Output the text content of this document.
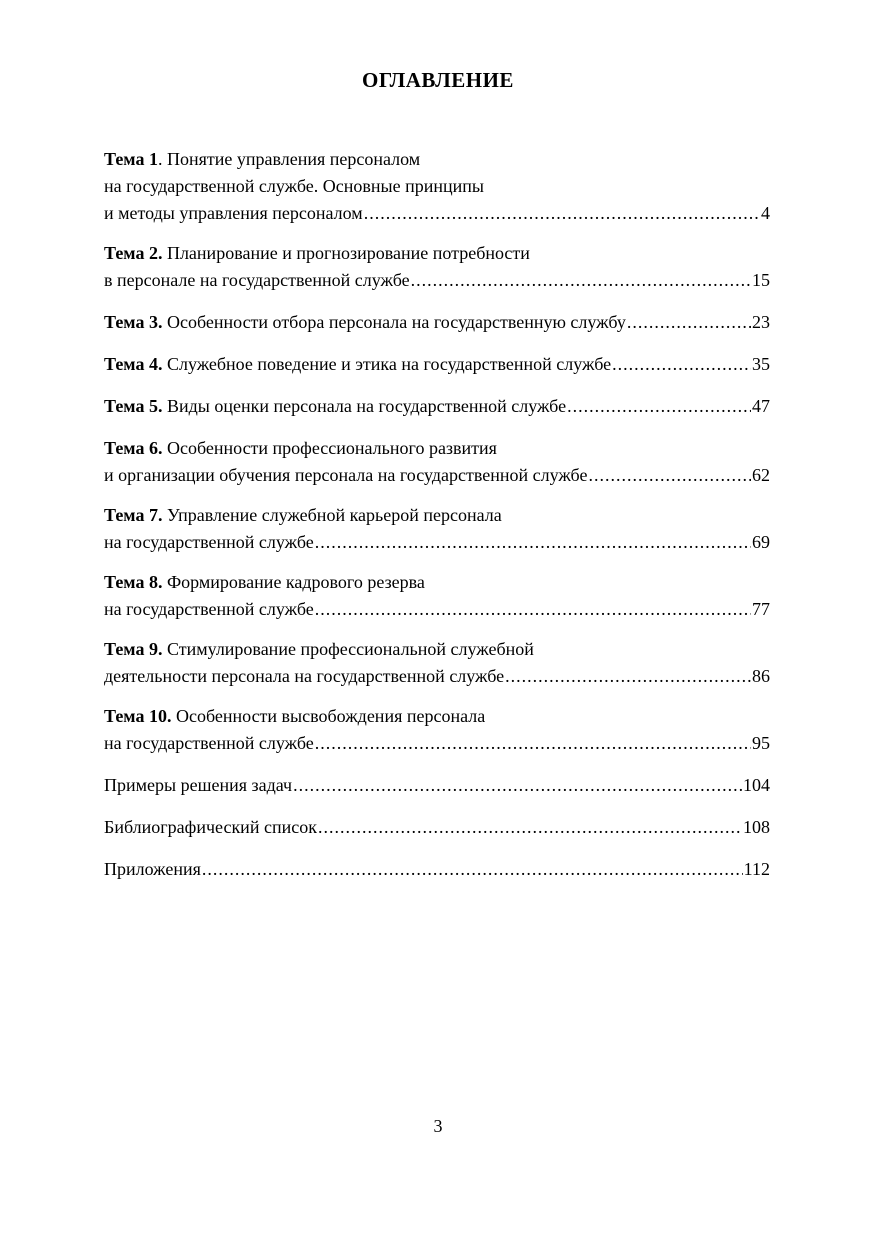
ОГЛАВЛЕНИЕ
Тема 1. Понятие управления персоналом
на государственной службе. Основные принципы
и методы управления персоналом .....	4
Тема 2. Планирование и прогнозирование потребности
в персонале на государственной службе .....	15
Тема 3. Особенности отбора персонала на государственную службу .....	23
Тема 4. Служебное поведение и этика на государственной службе .....	35
Тема 5. Виды оценки персонала на государственной службе .....	47
Тема 6. Особенности профессионального развития
и организации обучения персонала на государственной службе .....	62
Тема 7. Управление служебной карьерой персонала
на государственной службе .....	69
Тема 8. Формирование кадрового резерва
на государственной службе .....	77
Тема 9. Стимулирование профессиональной служебной
деятельности персонала на государственной службе .....	86
Тема 10. Особенности высвобождения персонала
на государственной службе .....	95
Примеры решения задач .....	104
Библиографический список .....	108
Приложения .....	112
3
